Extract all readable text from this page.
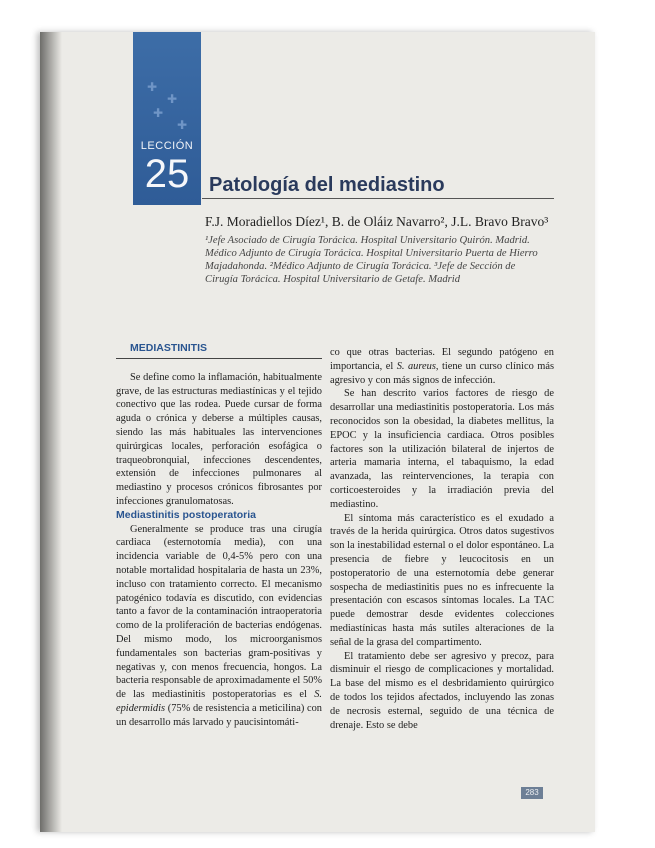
✚
✚
✚
✚
LECCIÓN
25 Patología del mediastino
F.J. Moradiellos Díez¹, B. de Oláiz Navarro², J.L. Bravo Bravo³

¹Jefe Asociado de Cirugía Torácica. Hospital Universitario Quirón. Madrid. Médico Adjunto de Cirugía Torácica. Hospital Universitario Puerta de Hierro Majadahonda. ²Médico Adjunto de Cirugía Torácica. ³Jefe de Sección de Cirugía Torácica. Hospital Universitario de Getafe. Madrid

MEDIASTINITIS

Se define como la inflamación, habitualmente grave, de las estructuras mediastínicas y el tejido conectivo que las rodea. Puede cursar de forma aguda o crónica y deberse a múltiples causas, siendo las más habituales las intervenciones quirúrgicas locales, perforación esofágica o traqueobronquial, infecciones descendentes, extensión de infecciones pulmonares al mediastino y procesos crónicos fibrosantes por infecciones granulomatosas.

Mediastinitis postoperatoria

Generalmente se produce tras una cirugía cardiaca (esternotomía media), con una incidencia variable de 0,4-5% pero con una notable mortalidad hospitalaria de hasta un 23%, incluso con tratamiento correcto. El mecanismo patogénico todavía es discutido, con evidencias tanto a favor de la contaminación intraoperatoria como de la proliferación de bacterias endógenas. Del mismo modo, los microorganismos fundamentales son bacterias gram-positivas y negativas y, con menos frecuencia, hongos. La bacteria responsable de aproximadamente el 50% de las mediastinitis postoperatorias es el S. epidermidis (75% de resistencia a meticilina) con un desarrollo más larvado y paucisintomáti-

co que otras bacterias. El segundo patógeno en importancia, el S. aureus, tiene un curso clínico más agresivo y con más signos de infección.

Se han descrito varios factores de riesgo de desarrollar una mediastinitis postoperatoria. Los más reconocidos son la obesidad, la diabetes mellitus, la EPOC y la insuficiencia cardiaca. Otros posibles factores son la utilización bilateral de injertos de arteria mamaria interna, el tabaquismo, la edad avanzada, las reintervenciones, la terapia con corticoesteroides y la irradiación previa del mediastino.

El síntoma más característico es el exudado a través de la herida quirúrgica. Otros datos sugestivos son la inestabilidad esternal o el dolor espontáneo. La presencia de fiebre y leucocitosis en un postoperatorio de una esternotomía debe generar sospecha de mediastinitis pues no es infrecuente la presentación con escasos síntomas locales. La TAC puede demostrar desde evidentes colecciones mediastínicas hasta más sutiles alteraciones de la señal de la grasa del compartimento.

El tratamiento debe ser agresivo y precoz, para disminuir el riesgo de complicaciones y mortalidad. La base del mismo es el desbridamiento quirúrgico de todos los tejidos afectados, incluyendo las zonas de necrosis esternal, seguido de una técnica de drenaje. Esto se debe

283
